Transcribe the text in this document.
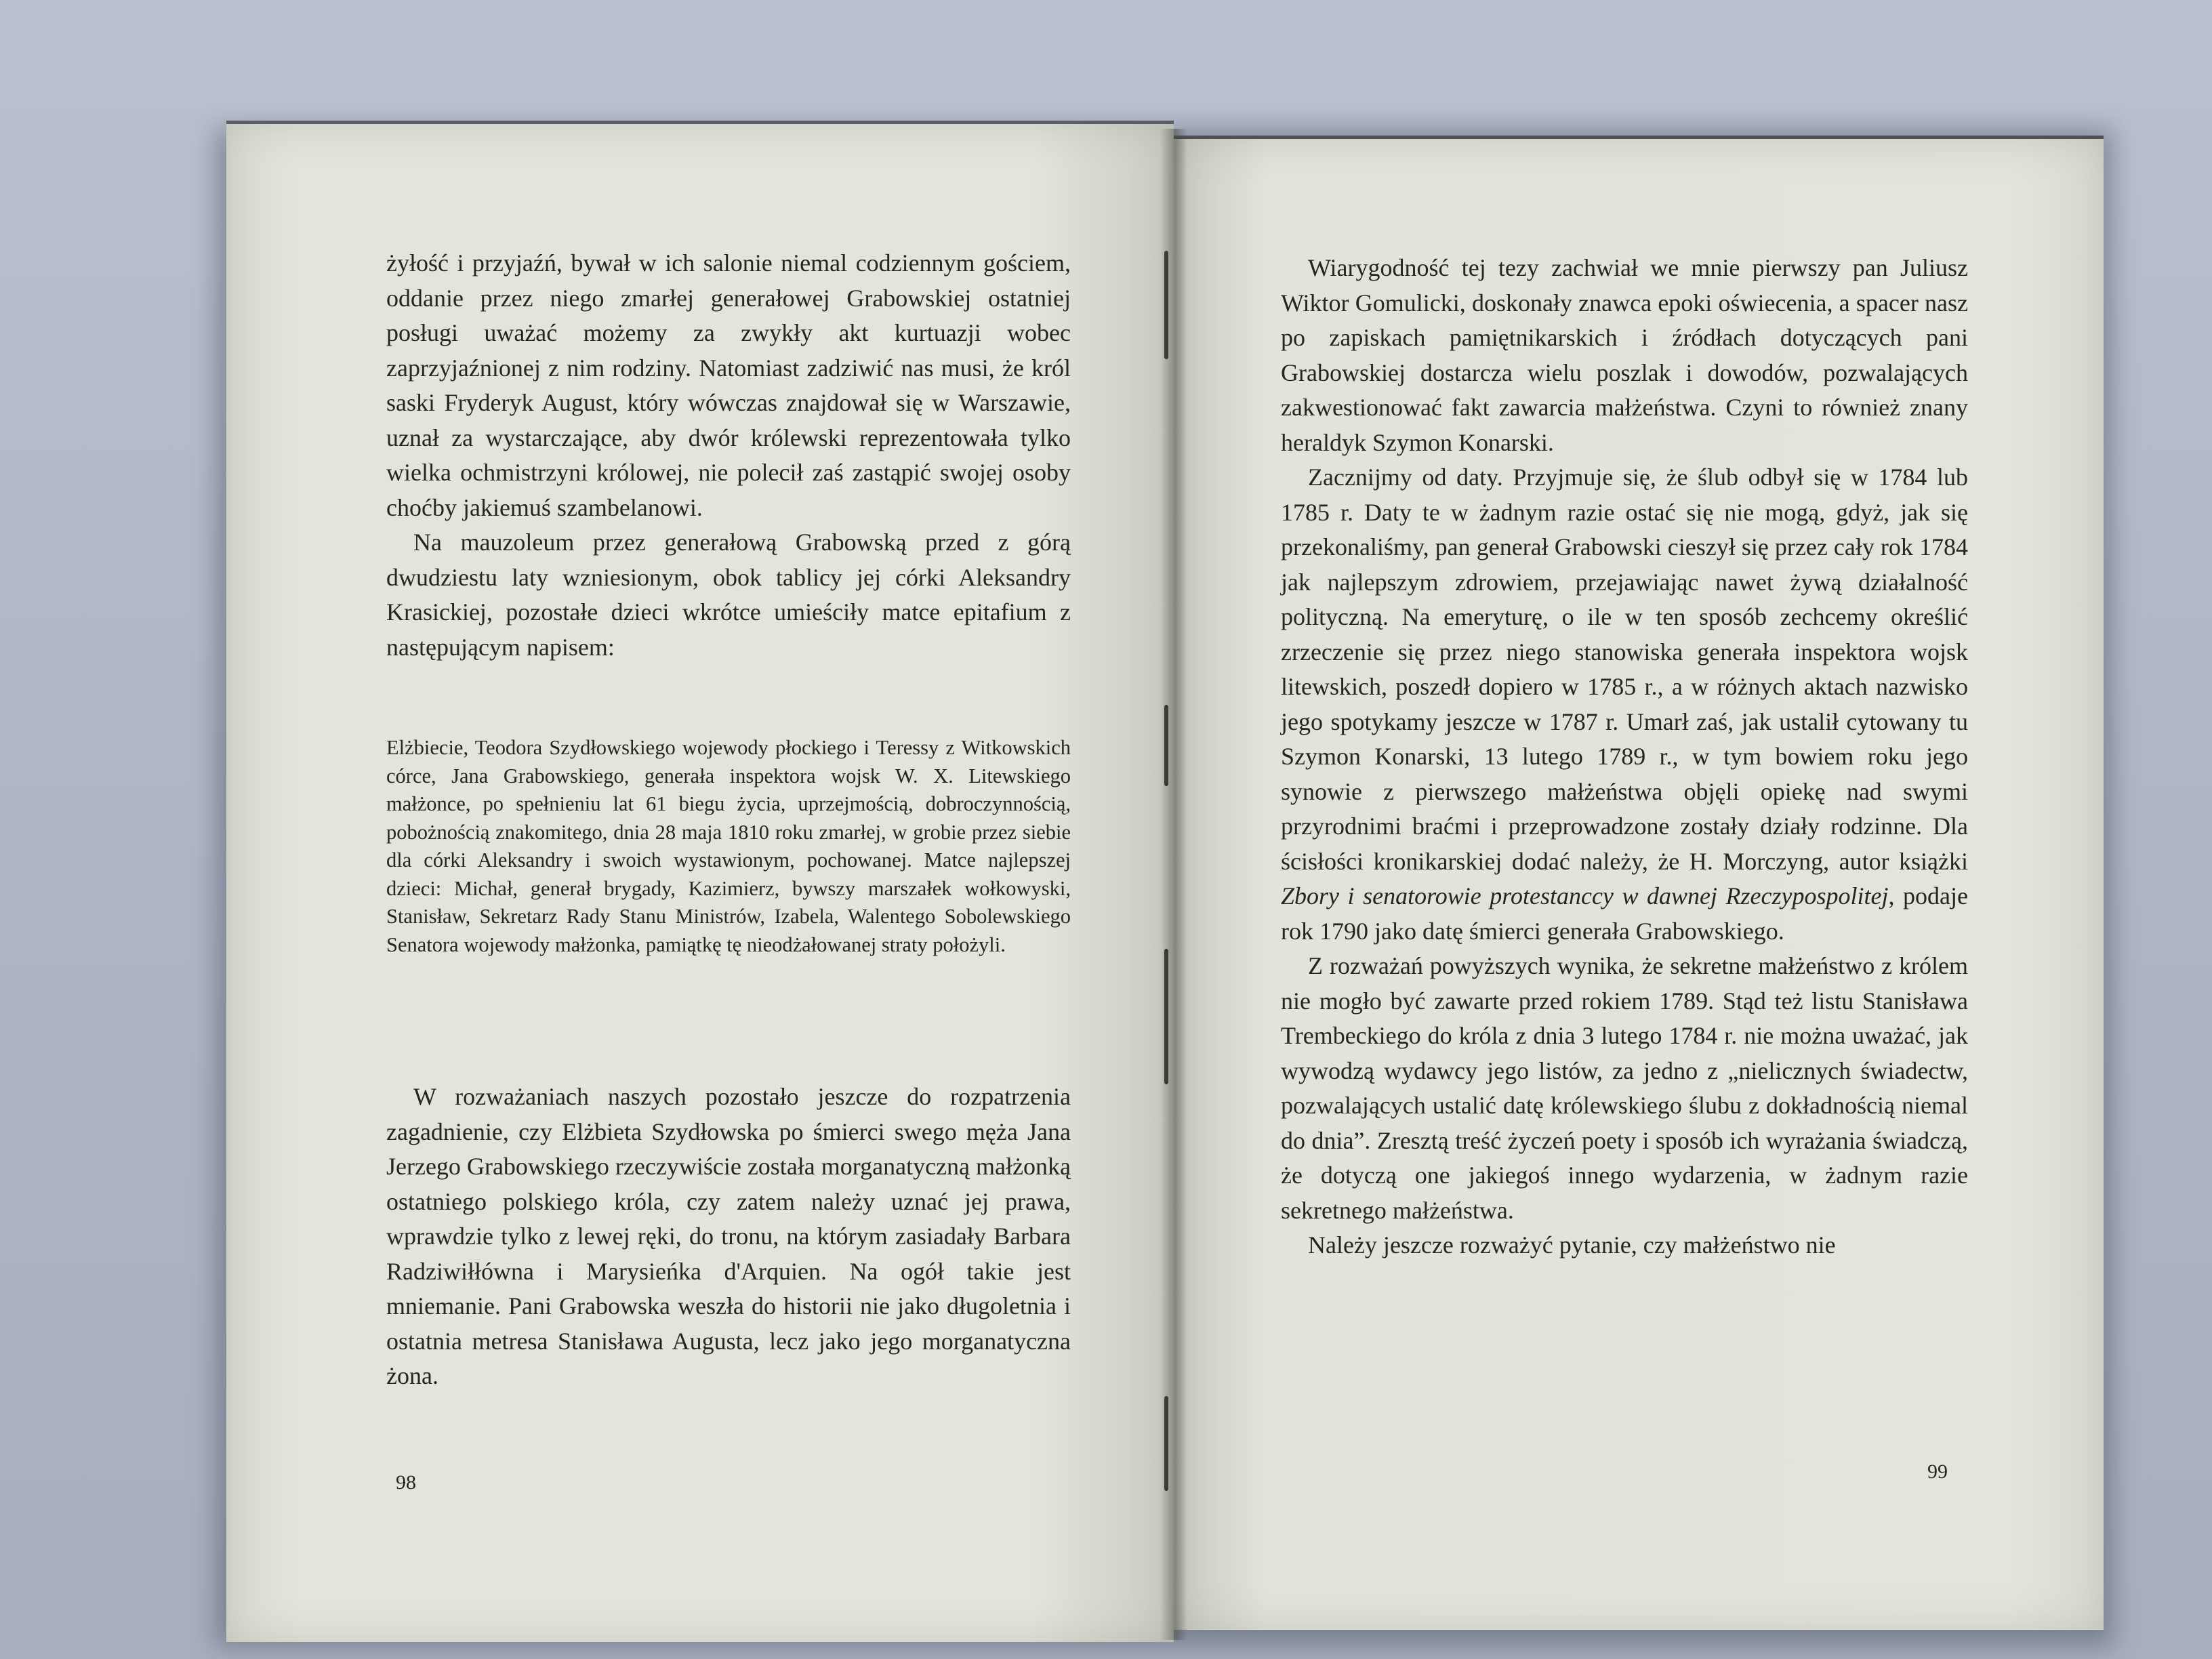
żyłość i przyjaźń, bywał w ich salonie niemal codziennym gościem, oddanie przez niego zmarłej generałowej Grabowskiej ostatniej posługi uważać możemy za zwykły akt kurtuazji wobec zaprzyjaźnionej z nim rodziny. Natomiast zadziwić nas musi, że król saski Fryderyk August, który wówczas znajdował się w Warszawie, uznał za wystarczające, aby dwór królewski reprezentowała tylko wielka ochmistrzyni królowej, nie polecił zaś zastąpić swojej osoby choćby jakiemuś szambelanowi.

Na mauzoleum przez generałową Grabowską przed z górą dwudziestu laty wzniesionym, obok tablicy jej córki Aleksandry Krasickiej, pozostałe dzieci wkrótce umieściły matce epitafium z następującym napisem:

Elżbiecie, Teodora Szydłowskiego wojewody płockiego i Teressy z Witkowskich córce, Jana Grabowskiego, generała inspektora wojsk W. X. Litewskiego małżonce, po spełnieniu lat 61 biegu życia, uprzejmością, dobroczynnością, pobożnością znakomitego, dnia 28 maja 1810 roku zmarłej, w grobie przez siebie dla córki Aleksandry i swoich wystawionym, pochowanej. Matce najlepszej dzieci: Michał, generał brygady, Kazimierz, bywszy marszałek wołkowyski, Stanisław, Sekretarz Rady Stanu Ministrów, Izabela, Walentego Sobolewskiego Senatora wojewody małżonka, pamiątkę tę nieodżałowanej straty położyli.

W rozważaniach naszych pozostało jeszcze do rozpatrzenia zagadnienie, czy Elżbieta Szydłowska po śmierci swego męża Jana Jerzego Grabowskiego rzeczywiście została morganatyczną małżonką ostatniego polskiego króla, czy zatem należy uznać jej prawa, wprawdzie tylko z lewej ręki, do tronu, na którym zasiadały Barbara Radziwiłłówna i Marysieńka d'Arquien. Na ogół takie jest mniemanie. Pani Grabowska weszła do historii nie jako długoletnia i ostatnia metresa Stanisława Augusta, lecz jako jego morganatyczna żona.

98

Wiarygodność tej tezy zachwiał we mnie pierwszy pan Juliusz Wiktor Gomulicki, doskonały znawca epoki oświecenia, a spacer nasz po zapiskach pamiętnikarskich i źródłach dotyczących pani Grabowskiej dostarcza wielu poszlak i dowodów, pozwalających zakwestionować fakt zawarcia małżeństwa. Czyni to również znany heraldyk Szymon Konarski.

Zacznijmy od daty. Przyjmuje się, że ślub odbył się w 1784 lub 1785 r. Daty te w żadnym razie ostać się nie mogą, gdyż, jak się przekonaliśmy, pan generał Grabowski cieszył się przez cały rok 1784 jak najlepszym zdrowiem, przejawiając nawet żywą działalność polityczną. Na emeryturę, o ile w ten sposób zechcemy określić zrzeczenie się przez niego stanowiska generała inspektora wojsk litewskich, poszedł dopiero w 1785 r., a w różnych aktach nazwisko jego spotykamy jeszcze w 1787 r. Umarł zaś, jak ustalił cytowany tu Szymon Konarski, 13 lutego 1789 r., w tym bowiem roku jego synowie z pierwszego małżeństwa objęli opiekę nad swymi przyrodnimi braćmi i przeprowadzone zostały działy rodzinne. Dla ścisłości kronikarskiej dodać należy, że H. Morczyng, autor książki Zbory i senatorowie protestanccy w dawnej Rzeczypospolitej, podaje rok 1790 jako datę śmierci generała Grabowskiego.

Z rozważań powyższych wynika, że sekretne małżeństwo z królem nie mogło być zawarte przed rokiem 1789. Stąd też listu Stanisława Trembeckiego do króla z dnia 3 lutego 1784 r. nie można uważać, jak wywodzą wydawcy jego listów, za jedno z „nielicznych świadectw, pozwalających ustalić datę królewskiego ślubu z dokładnością niemal do dnia”. Zresztą treść życzeń poety i sposób ich wyrażania świadczą, że dotyczą one jakiegoś innego wydarzenia, w żadnym razie sekretnego małżeństwa.

Należy jeszcze rozważyć pytanie, czy małżeństwo nie

99
